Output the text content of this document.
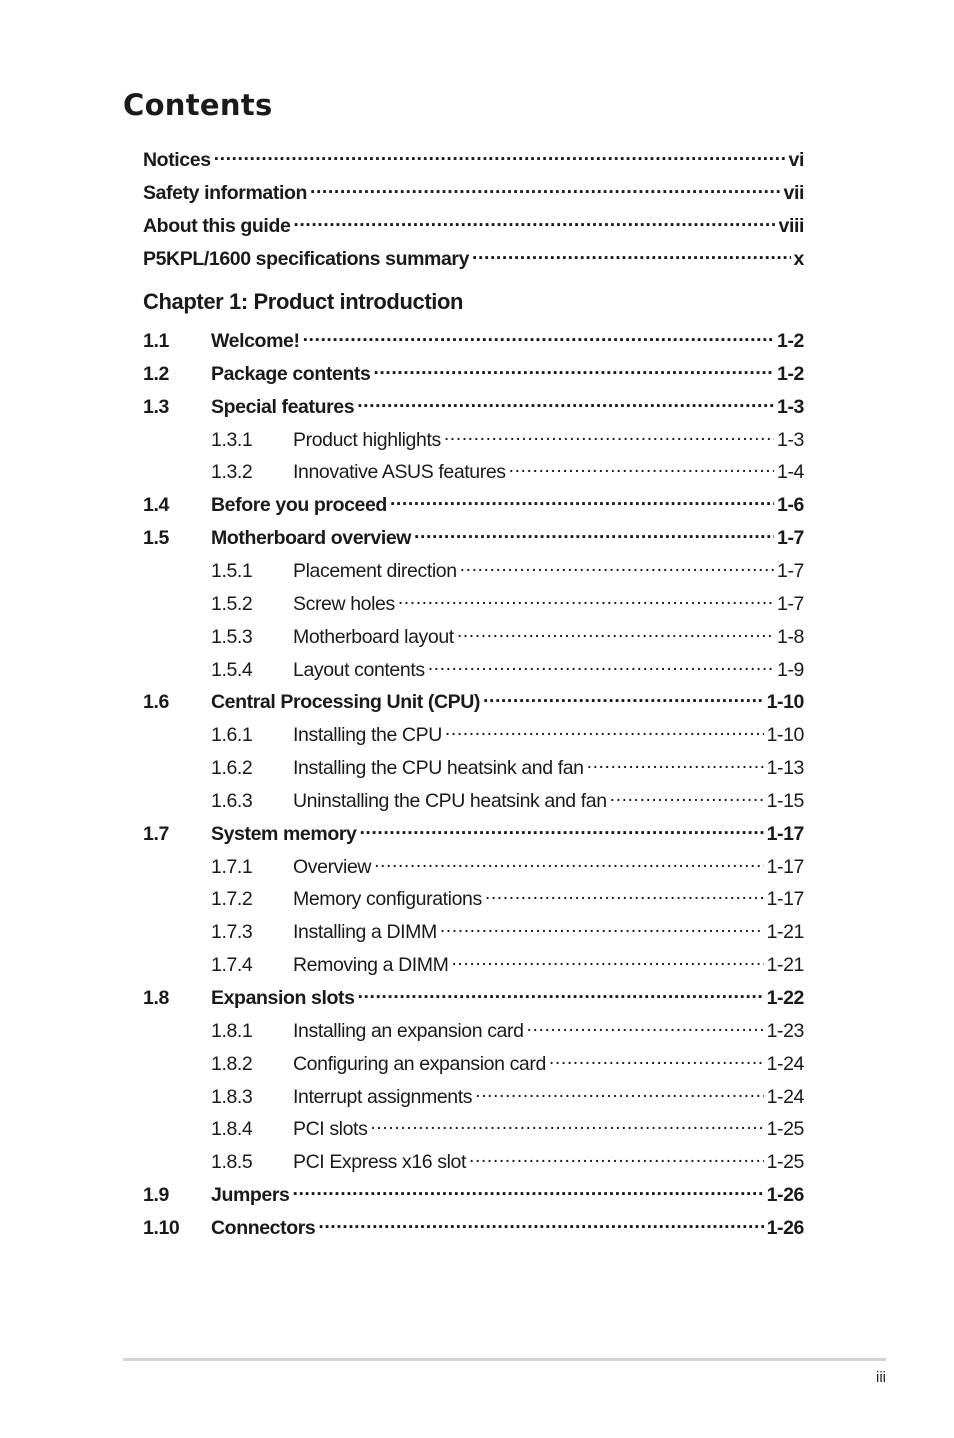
Contents
Notices .....	vi
Safety information .....	vii
About this guide .....	viii
P5KPL/1600 specifications summary .....	x
Chapter 1: Product introduction
1.1	Welcome! .....	1-2
1.2	Package contents .....	1-2
1.3	Special features .....	1-3
1.3.1	Product highlights .....	1-3
1.3.2	Innovative ASUS features .....	1-4
1.4	Before you proceed .....	1-6
1.5	Motherboard overview .....	1-7
1.5.1	Placement direction .....	1-7
1.5.2	Screw holes .....	1-7
1.5.3	Motherboard layout .....	1-8
1.5.4	Layout contents .....	1-9
1.6	Central Processing Unit (CPU) .....	1-10
1.6.1	Installing the CPU .....	1-10
1.6.2	Installing the CPU heatsink and fan .....	1-13
1.6.3	Uninstalling the CPU heatsink and fan .....	1-15
1.7	System memory .....	1-17
1.7.1	Overview .....	1-17
1.7.2	Memory configurations .....	1-17
1.7.3	Installing a DIMM .....	1-21
1.7.4	Removing a DIMM .....	1-21
1.8	Expansion slots .....	1-22
1.8.1	Installing an expansion card .....	1-23
1.8.2	Configuring an expansion card .....	1-24
1.8.3	Interrupt assignments .....	1-24
1.8.4	PCI slots .....	1-25
1.8.5	PCI Express x16 slot .....	1-25
1.9	Jumpers .....	1-26
1.10	Connectors .....	1-26
iii
